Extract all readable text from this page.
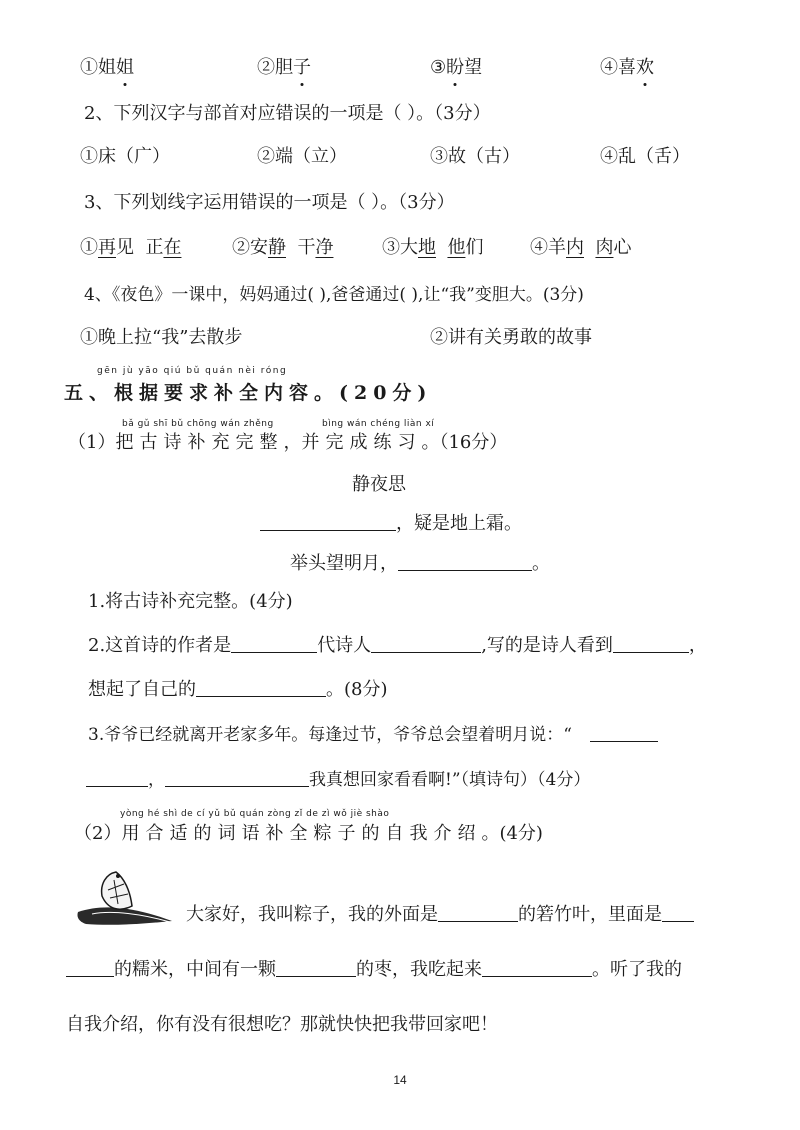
①姐姐	②胆子	③盼望	④喜欢
2、下列汉字与部首对应错误的一项是（ ）。（3分）
①床（广）	②端（立）	③故（古）	④乱（舌）
3、下列划线字运用错误的一项是（ ）。（3分）
①再见 正在	②安静 干净	③大地 他们	④羊内 肉心
4、《夜色》一课中，妈妈通过( ),爸爸通过( ),让“我”变胆大。(3分)
①晚上拉“我”去散步	②讲有关勇敢的故事
gēn jù yāo qiú bǔ quán nèi róng
五、根据要求补全内容。(20分)
bǎ gǔ shī bǔ chōng wán zhěng	bìng wán chéng liàn xí
（1）把古诗补充完整，并完成练习。（16分）
静夜思
，疑是地上霜。
举头望明月，	。
1.将古诗补充完整。(4分)
2.这首诗的作者是	代诗人	,写的是诗人看到	，
想起了自己的	。(8分)
3.爷爷已经就离开老家多年。每逢过节，爷爷总会望着明月说：“
，	我真想回家看看啊!”（填诗句）（4分）
yòng hé shì de cí yǔ bǔ quán zòng zǐ de zì wǒ jiè shào
（2）用合适的词语补全粽子的自我介绍。(4分)
大家好，我叫粽子，我的外面是	的箬竹叶，里面是
的糯米，中间有一颗	的枣，我吃起来	。听了我的
自我介绍，你有没有很想吃？那就快快把我带回家吧！
14
